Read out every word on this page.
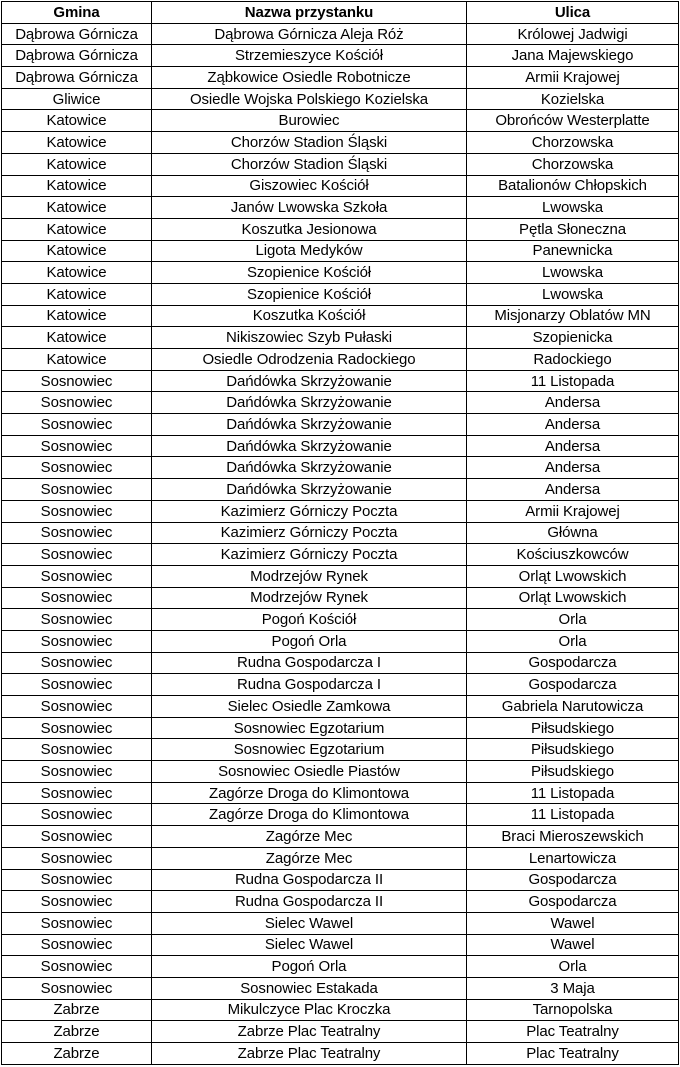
Gmina	Nazwa przystanku	Ulica
Dąbrowa Górnicza	Dąbrowa Górnicza Aleja Róż	Królowej Jadwigi
Dąbrowa Górnicza	Strzemieszyce Kościół	Jana Majewskiego
Dąbrowa Górnicza	Ząbkowice Osiedle Robotnicze	Armii Krajowej
Gliwice	Osiedle Wojska Polskiego Kozielska	Kozielska
Katowice	Burowiec	Obrońców Westerplatte
Katowice	Chorzów Stadion Śląski	Chorzowska
Katowice	Chorzów Stadion Śląski	Chorzowska
Katowice	Giszowiec Kościół	Batalionów Chłopskich
Katowice	Janów Lwowska Szkoła	Lwowska
Katowice	Koszutka Jesionowa	Pętla Słoneczna
Katowice	Ligota Medyków	Panewnicka
Katowice	Szopienice Kościół	Lwowska
Katowice	Szopienice Kościół	Lwowska
Katowice	Koszutka Kościół	Misjonarzy Oblatów MN
Katowice	Nikiszowiec Szyb Pułaski	Szopienicka
Katowice	Osiedle Odrodzenia Radockiego	Radockiego
Sosnowiec	Dańdówka Skrzyżowanie	11 Listopada
Sosnowiec	Dańdówka Skrzyżowanie	Andersa
Sosnowiec	Dańdówka Skrzyżowanie	Andersa
Sosnowiec	Dańdówka Skrzyżowanie	Andersa
Sosnowiec	Dańdówka Skrzyżowanie	Andersa
Sosnowiec	Dańdówka Skrzyżowanie	Andersa
Sosnowiec	Kazimierz Górniczy Poczta	Armii Krajowej
Sosnowiec	Kazimierz Górniczy Poczta	Główna
Sosnowiec	Kazimierz Górniczy Poczta	Kościuszkowców
Sosnowiec	Modrzejów Rynek	Orląt Lwowskich
Sosnowiec	Modrzejów Rynek	Orląt Lwowskich
Sosnowiec	Pogoń Kościół	Orla
Sosnowiec	Pogoń Orla	Orla
Sosnowiec	Rudna Gospodarcza I	Gospodarcza
Sosnowiec	Rudna Gospodarcza I	Gospodarcza
Sosnowiec	Sielec Osiedle Zamkowa	Gabriela Narutowicza
Sosnowiec	Sosnowiec Egzotarium	Piłsudskiego
Sosnowiec	Sosnowiec Egzotarium	Piłsudskiego
Sosnowiec	Sosnowiec Osiedle Piastów	Piłsudskiego
Sosnowiec	Zagórze Droga do Klimontowa	11 Listopada
Sosnowiec	Zagórze Droga do Klimontowa	11 Listopada
Sosnowiec	Zagórze Mec	Braci Mieroszewskich
Sosnowiec	Zagórze Mec	Lenartowicza
Sosnowiec	Rudna Gospodarcza II	Gospodarcza
Sosnowiec	Rudna Gospodarcza II	Gospodarcza
Sosnowiec	Sielec Wawel	Wawel
Sosnowiec	Sielec Wawel	Wawel
Sosnowiec	Pogoń Orla	Orla
Sosnowiec	Sosnowiec Estakada	3 Maja
Zabrze	Mikulczyce Plac Kroczka	Tarnopolska
Zabrze	Zabrze Plac Teatralny	Plac Teatralny
Zabrze	Zabrze Plac Teatralny	Plac Teatralny
